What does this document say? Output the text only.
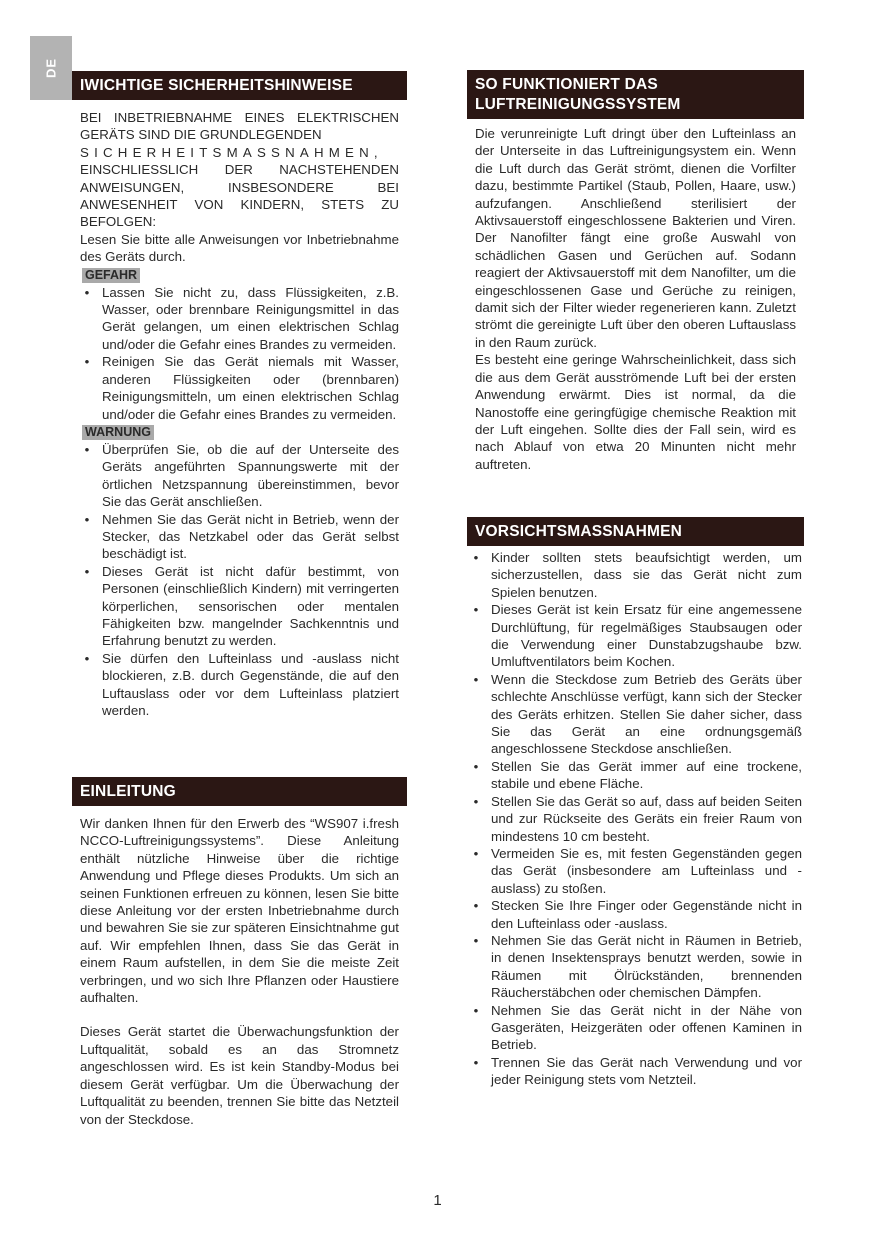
DE
IWICHTIGE SICHERHEITSHINWEISE

BEI INBETRIEBNAHME EINES ELEKTRISCHEN GERÄTS SIND DIE GRUNDLEGENDEN

SICHERHEITSMASSNAHMEN,

EINSCHLIESSLICH DER NACHSTEHENDEN ANWEISUNGEN, INSBESONDERE BEI ANWESENHEIT VON KINDERN, STETS ZU BEFOLGEN:

Lesen Sie bitte alle Anweisungen vor Inbetriebnahme des Geräts durch.

GEFAHR
• Lassen Sie nicht zu, dass Flüssigkeiten, z.B. Wasser, oder brennbare Reinigungsmittel in das Gerät gelangen, um einen elektrischen Schlag und/oder die Gefahr eines Brandes zu vermeiden.
• Reinigen Sie das Gerät niemals mit Wasser, anderen Flüssigkeiten oder (brennbaren) Reinigungsmitteln, um einen elektrischen Schlag und/oder die Gefahr eines Brandes zu vermeiden.
WARNUNG
• Überprüfen Sie, ob die auf der Unterseite des Geräts angeführten Spannungswerte mit der örtlichen Netzspannung übereinstimmen, bevor Sie das Gerät anschließen.
• Nehmen Sie das Gerät nicht in Betrieb, wenn der Stecker, das Netzkabel oder das Gerät selbst beschädigt ist.
• Dieses Gerät ist nicht dafür bestimmt, von Personen (einschließlich Kindern) mit verringerten körperlichen, sensorischen oder mentalen Fähigkeiten bzw. mangelnder Sachkenntnis und Erfahrung benutzt zu werden.
• Sie dürfen den Lufteinlass und -auslass nicht blockieren, z.B. durch Gegenstände, die auf den Luftauslass oder vor dem Lufteinlass platziert werden.
EINLEITUNG

Wir danken Ihnen für den Erwerb des “WS907 i.fresh NCCO-Luftreinigungssystems”. Diese Anleitung enthält nützliche Hinweise über die richtige Anwendung und Pflege dieses Produkts. Um sich an seinen Funktionen erfreuen zu können, lesen Sie bitte diese Anleitung vor der ersten Inbetriebnahme durch und bewahren Sie sie zur späteren Einsichtnahme gut auf. Wir empfehlen Ihnen, dass Sie das Gerät in einem Raum aufstellen, in dem Sie die meiste Zeit verbringen, und wo sich Ihre Pflanzen oder Haustiere aufhalten.

Dieses Gerät startet die Überwachungsfunktion der Luftqualität, sobald es an das Stromnetz angeschlossen wird. Es ist kein Standby-Modus bei diesem Gerät verfügbar. Um die Überwachung der Luftqualität zu beenden, trennen Sie bitte das Netzteil von der Steckdose.

SO FUNKTIONIERT DAS
LUFTREINIGUNGSSYSTEM

Die verunreinigte Luft dringt über den Lufteinlass an der Unterseite in das Luftreinigungsystem ein. Wenn die Luft durch das Gerät strömt, dienen die Vorfilter dazu, bestimmte Partikel (Staub, Pollen, Haare, usw.) aufzufangen. Anschließend sterilisiert der Aktivsauerstoff eingeschlossene Bakterien und Viren. Der Nanofilter fängt eine große Auswahl von schädlichen Gasen und Gerüchen auf. Sodann reagiert der Aktivsauerstoff mit dem Nanofilter, um die eingeschlossenen Gase und Gerüche zu reinigen, damit sich der Filter wieder regenerieren kann. Zuletzt strömt die gereinigte Luft über den oberen Luftauslass in den Raum zurück.

Es besteht eine geringe Wahrscheinlichkeit, dass sich die aus dem Gerät ausströmende Luft bei der ersten Anwendung erwärmt. Dies ist normal, da die Nanostoffe eine geringfügige chemische Reaktion mit der Luft eingehen. Sollte dies der Fall sein, wird es nach Ablauf von etwa 20 Minunten nicht mehr auftreten.

VORSICHTSMASSNAHMEN
• Kinder sollten stets beaufsichtigt werden, um sicherzustellen, dass sie das Gerät nicht zum Spielen benutzen.
• Dieses Gerät ist kein Ersatz für eine angemessene Durchlüftung, für regelmäßiges Staubsaugen oder die Verwendung einer Dunstabzugshaube bzw. Umluftventilators beim Kochen.
• Wenn die Steckdose zum Betrieb des Geräts über schlechte Anschlüsse verfügt, kann sich der Stecker des Geräts erhitzen. Stellen Sie daher sicher, dass Sie das Gerät an eine ordnungsgemäß angeschlossene Steckdose anschließen.
• Stellen Sie das Gerät immer auf eine trockene, stabile und ebene Fläche.
• Stellen Sie das Gerät so auf, dass auf beiden Seiten und zur Rückseite des Geräts ein freier Raum von mindestens 10 cm besteht.
• Vermeiden Sie es, mit festen Gegenständen gegen das Gerät (insbesondere am Lufteinlass und -auslass) zu stoßen.
• Stecken Sie Ihre Finger oder Gegenstände nicht in den Lufteinlass oder -auslass.
• Nehmen Sie das Gerät nicht in Räumen in Betrieb, in denen Insektensprays benutzt werden, sowie in Räumen mit Ölrückständen, brennenden Räucherstäbchen oder chemischen Dämpfen.
• Nehmen Sie das Gerät nicht in der Nähe von Gasgeräten, Heizgeräten oder offenen Kaminen in Betrieb.
• Trennen Sie das Gerät nach Verwendung und vor jeder Reinigung stets vom Netzteil.
1
